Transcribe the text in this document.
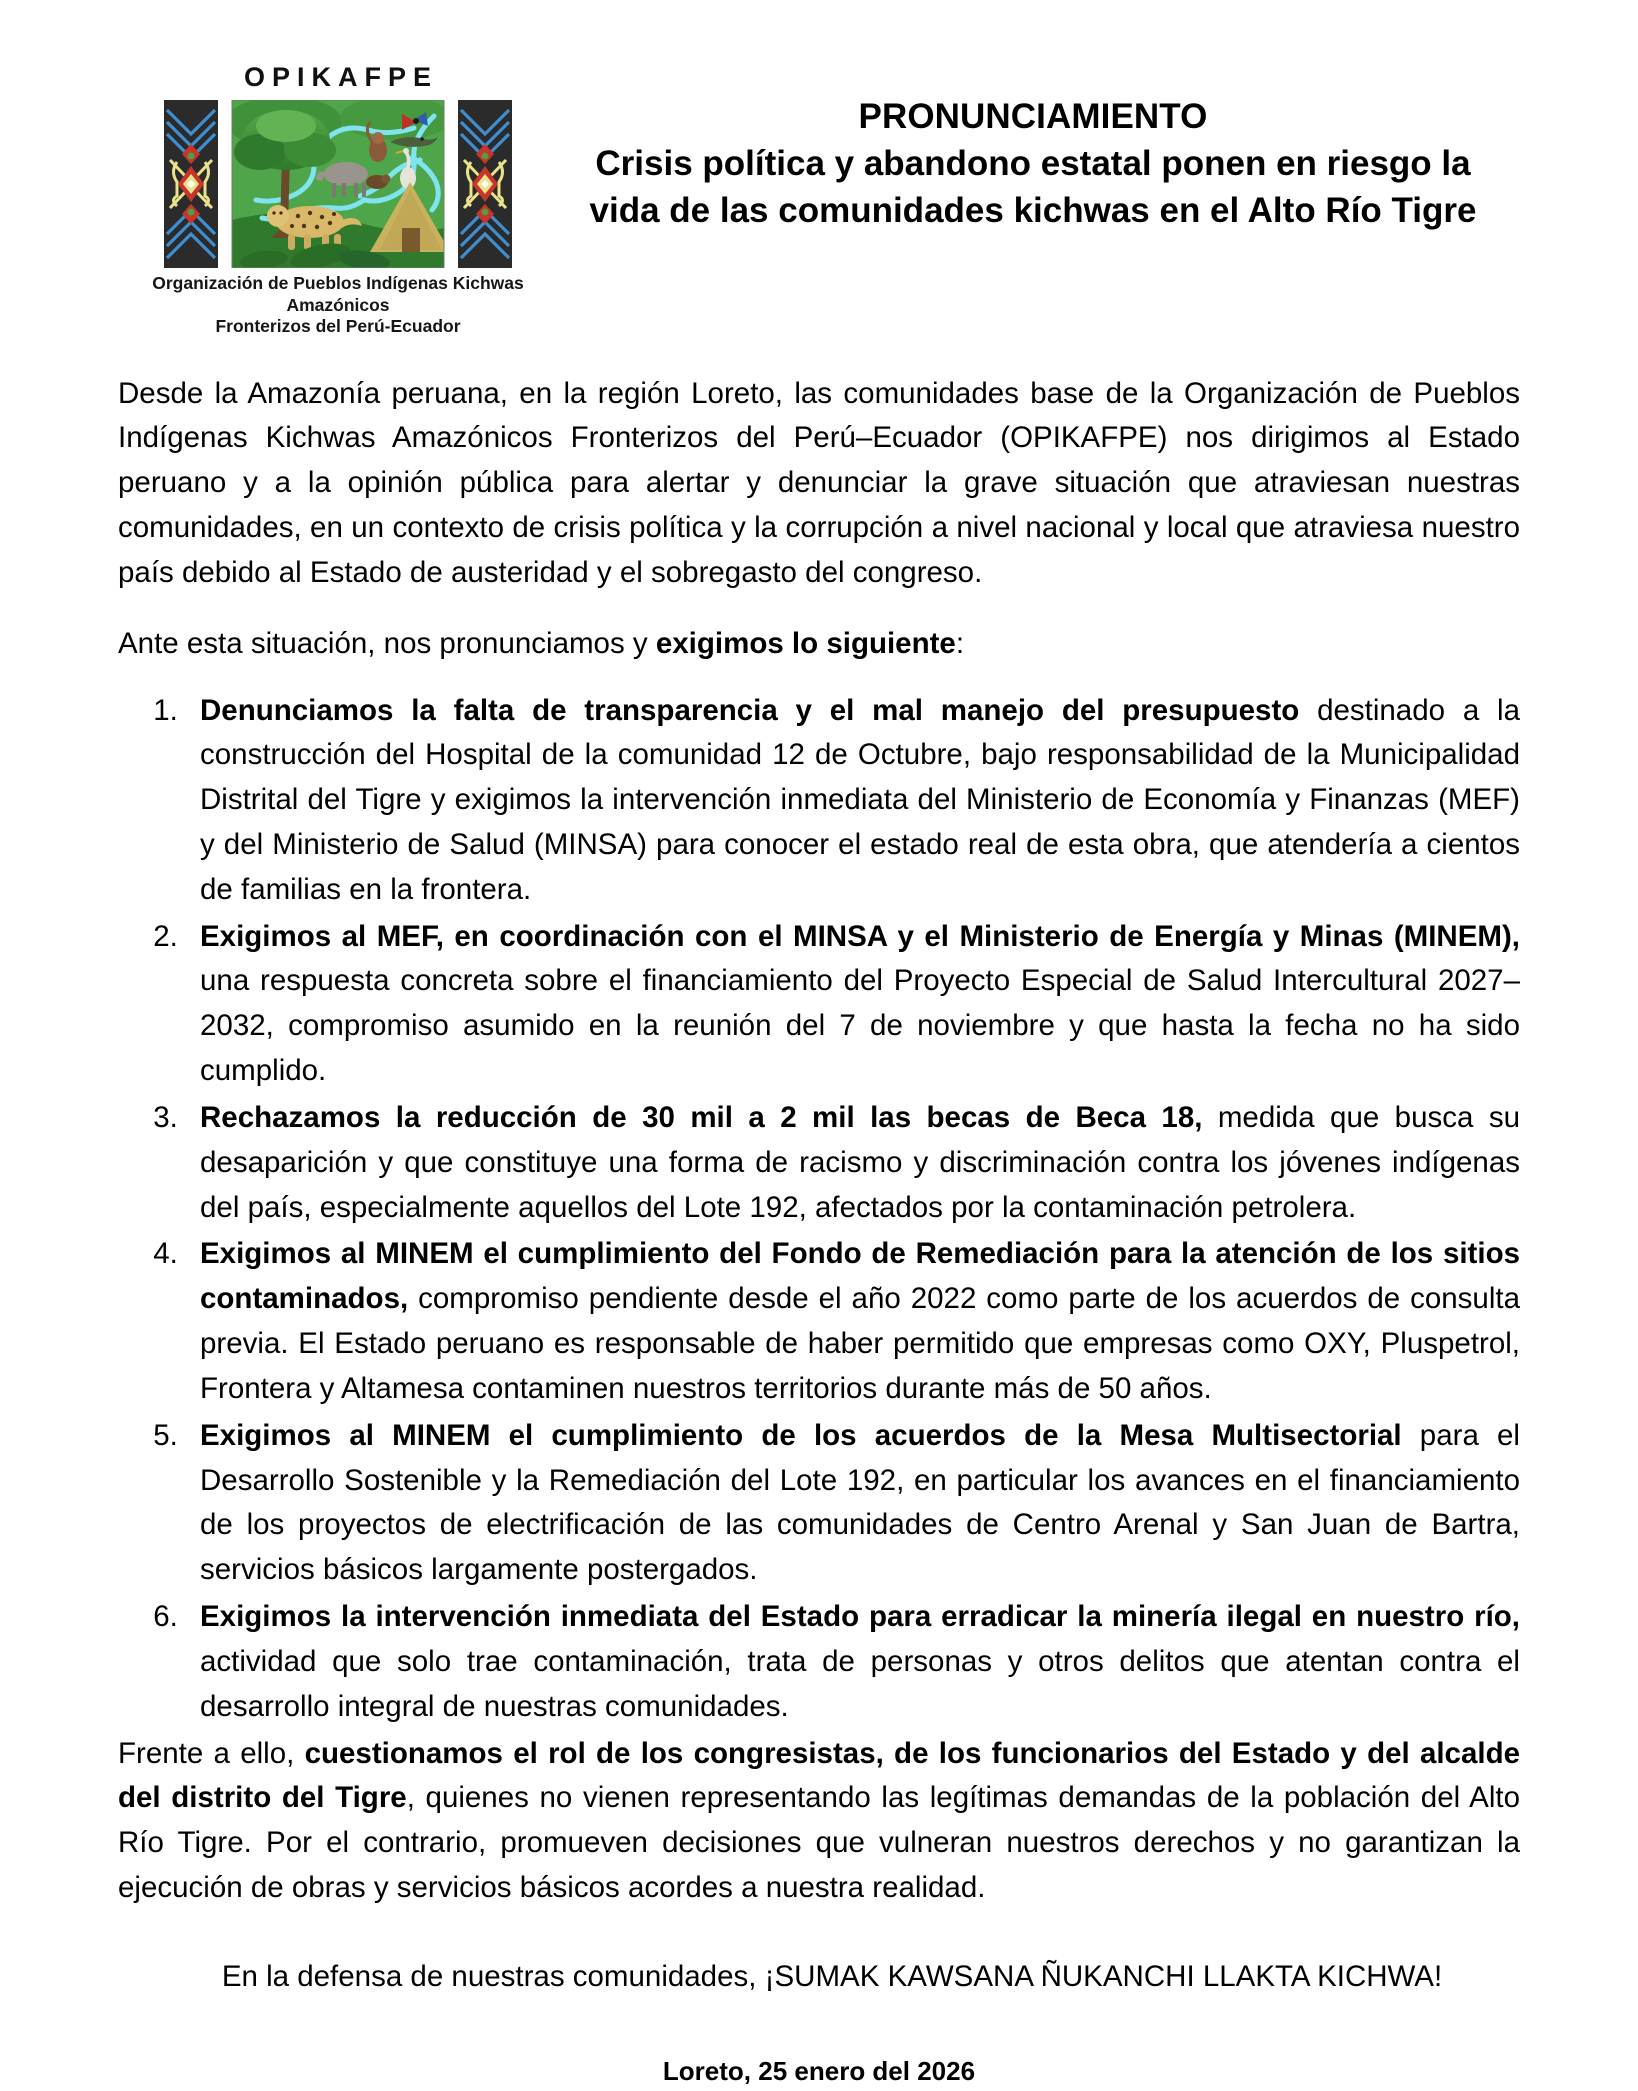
OPIKAFPE
Organización de Pueblos Indígenas Kichwas Amazónicos
Fronterizos del Perú-Ecuador
PRONUNCIAMIENTO
Crisis política y abandono estatal ponen en riesgo la vida de las comunidades kichwas en el Alto Río Tigre

Desde la Amazonía peruana, en la región Loreto, las comunidades base de la Organización de Pueblos Indígenas Kichwas Amazónicos Fronterizos del Perú–Ecuador (OPIKAFPE) nos dirigimos al Estado peruano y a la opinión pública para alertar y denunciar la grave situación que atraviesan nuestras comunidades, en un contexto de crisis política y la corrupción a nivel nacional y local que atraviesa nuestro país debido al Estado de austeridad y el sobregasto del congreso.

Ante esta situación, nos pronunciamos y exigimos lo siguiente:

1. Denunciamos la falta de transparencia y el mal manejo del presupuesto destinado a la construcción del Hospital de la comunidad 12 de Octubre, bajo responsabilidad de la Municipalidad Distrital del Tigre y exigimos la intervención inmediata del Ministerio de Economía y Finanzas (MEF) y del Ministerio de Salud (MINSA) para conocer el estado real de esta obra, que atendería a cientos de familias en la frontera.
2. Exigimos al MEF, en coordinación con el MINSA y el Ministerio de Energía y Minas (MINEM), una respuesta concreta sobre el financiamiento del Proyecto Especial de Salud Intercultural 2027–2032, compromiso asumido en la reunión del 7 de noviembre y que hasta la fecha no ha sido cumplido.
3. Rechazamos la reducción de 30 mil a 2 mil las becas de Beca 18, medida que busca su desaparición y que constituye una forma de racismo y discriminación contra los jóvenes indígenas del país, especialmente aquellos del Lote 192, afectados por la contaminación petrolera.
4. Exigimos al MINEM el cumplimiento del Fondo de Remediación para la atención de los sitios contaminados, compromiso pendiente desde el año 2022 como parte de los acuerdos de consulta previa. El Estado peruano es responsable de haber permitido que empresas como OXY, Pluspetrol, Frontera y Altamesa contaminen nuestros territorios durante más de 50 años.
5. Exigimos al MINEM el cumplimiento de los acuerdos de la Mesa Multisectorial para el Desarrollo Sostenible y la Remediación del Lote 192, en particular los avances en el financiamiento de los proyectos de electrificación de las comunidades de Centro Arenal y San Juan de Bartra, servicios básicos largamente postergados.
6. Exigimos la intervención inmediata del Estado para erradicar la minería ilegal en nuestro río, actividad que solo trae contaminación, trata de personas y otros delitos que atentan contra el desarrollo integral de nuestras comunidades.

Frente a ello, cuestionamos el rol de los congresistas, de los funcionarios del Estado y del alcalde del distrito del Tigre, quienes no vienen representando las legítimas demandas de la población del Alto Río Tigre. Por el contrario, promueven decisiones que vulneran nuestros derechos y no garantizan la ejecución de obras y servicios básicos acordes a nuestra realidad.

En la defensa de nuestras comunidades, ¡SUMAK KAWSANA ÑUKANCHI LLAKTA KICHWA!

Loreto, 25 enero del 2026
